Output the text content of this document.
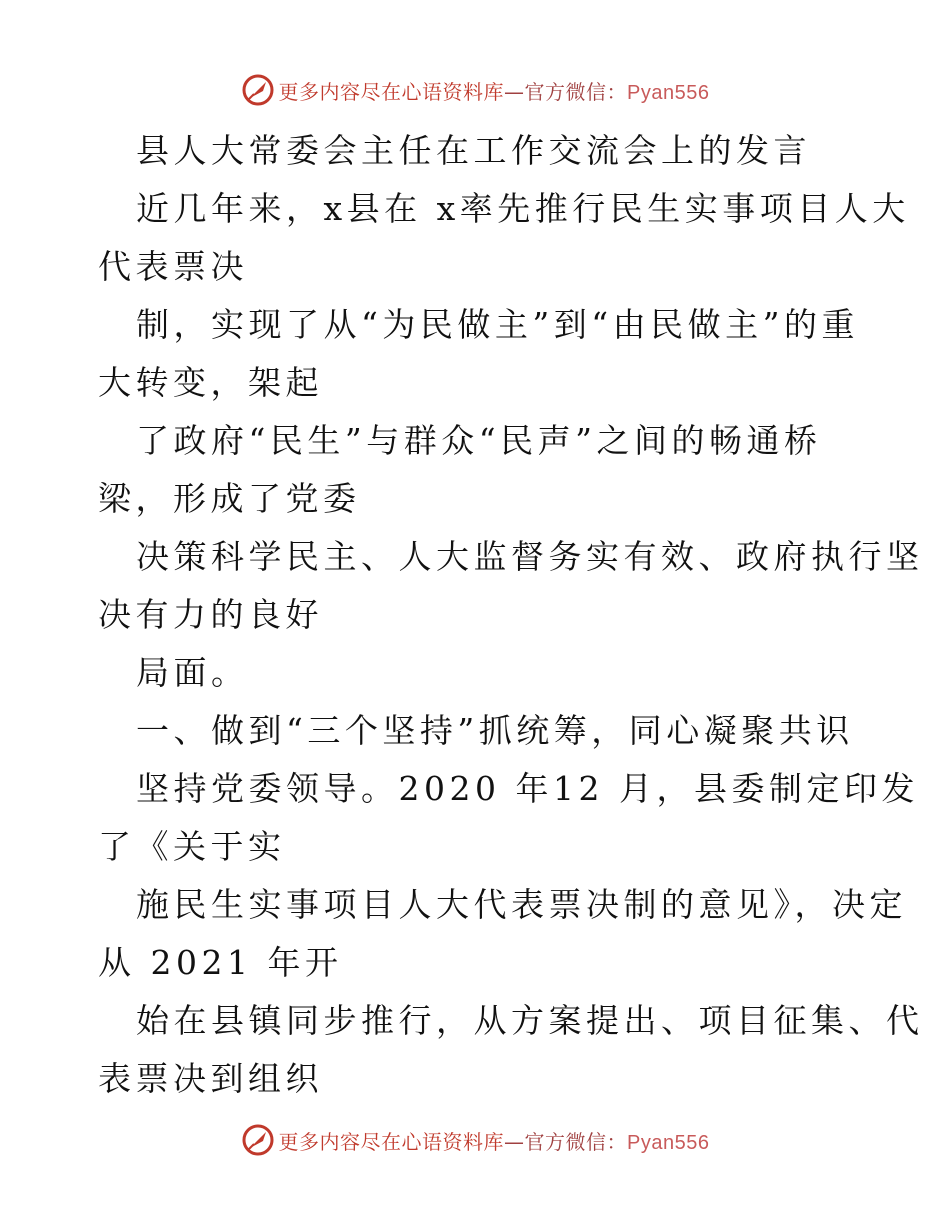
更多内容尽在心语资料库—官方微信：Pyan556
县人大常委会主任在工作交流会上的发言
近几年来，x县在 x率先推行民生实事项目人大
代表票决
制，实现了从“为民做主”到“由民做主”的重
大转变，架起
了政府“民生”与群众“民声”之间的畅通桥
梁，形成了党委
决策科学民主、人大监督务实有效、政府执行坚
决有力的良好
局面。
一、做到“三个坚持”抓统筹，同心凝聚共识
坚持党委领导。2020 年12 月，县委制定印发
了《关于实
施民生实事项目人大代表票决制的意见》，决定
从 2021 年开
始在县镇同步推行，从方案提出、项目征集、代
表票决到组织
更多内容尽在心语资料库—官方微信：Pyan556
